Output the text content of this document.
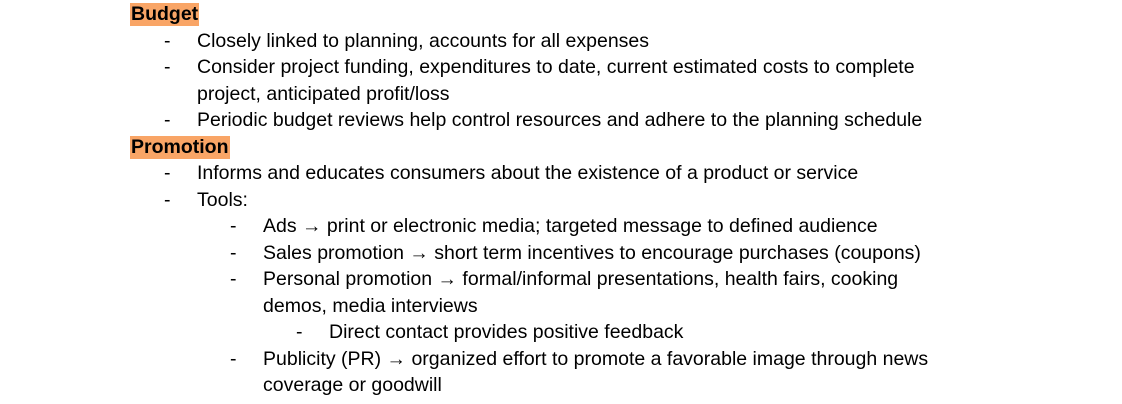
Budget
- Closely linked to planning, accounts for all expenses
- Consider project funding, expenditures to date, current estimated costs to complete project, anticipated profit/loss
- Periodic budget reviews help control resources and adhere to the planning schedule
Promotion
- Informs and educates consumers about the existence of a product or service
- Tools:
- Ads → print or electronic media; targeted message to defined audience
- Sales promotion → short term incentives to encourage purchases (coupons)
- Personal promotion → formal/informal presentations, health fairs, cooking demos, media interviews
- Direct contact provides positive feedback
- Publicity (PR) → organized effort to promote a favorable image through news coverage or goodwill
